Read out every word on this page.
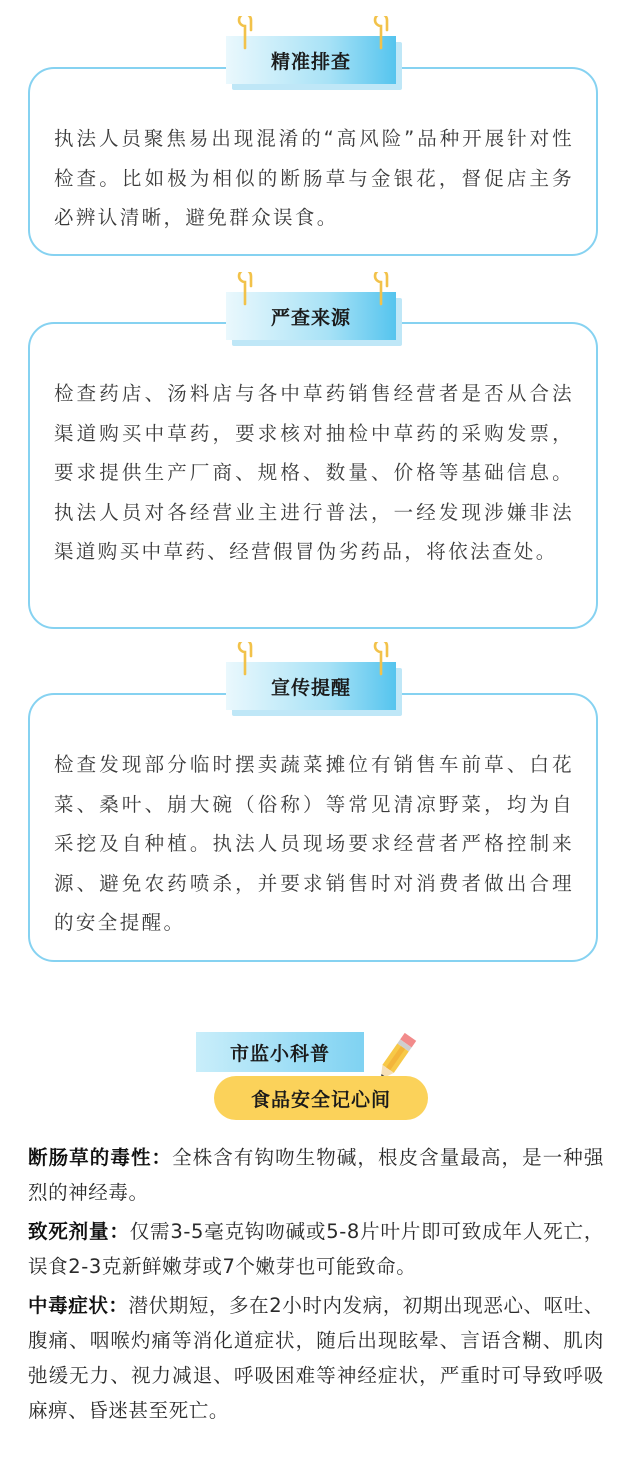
执法人员聚焦易出现混淆的“高风险”品种开展针对性检查。比如极为相似的断肠草与金银花，督促店主务必辨认清晰，避免群众误食。
精准排查
检查药店、汤料店与各中草药销售经营者是否从合法渠道购买中草药，要求核对抽检中草药的采购发票，要求提供生产厂商、规格、数量、价格等基础信息。执法人员对各经营业主进行普法，一经发现涉嫌非法渠道购买中草药、经营假冒伪劣药品，将依法查处。
严查来源
检查发现部分临时摆卖蔬菜摊位有销售车前草、白花菜、桑叶、崩大碗（俗称）等常见清凉野菜，均为自采挖及自种植。执法人员现场要求经营者严格控制来源、避免农药喷杀，并要求销售时对消费者做出合理的安全提醒。
宣传提醒
市监小科普
食品安全记心间
断肠草的毒性：全株含有钩吻生物碱，根皮含量最高，是一种强烈的神经毒。
致死剂量：仅需3-5毫克钩吻碱或5-8片叶片即可致成年人死亡，误食2-3克新鲜嫩芽或7个嫩芽也可能致命。
中毒症状：潜伏期短，多在2小时内发病，初期出现恶心、呕吐、腹痛、咽喉灼痛等消化道症状，随后出现眩晕、言语含糊、肌肉弛缓无力、视力减退、呼吸困难等神经症状，严重时可导致呼吸麻痹、昏迷甚至死亡。
